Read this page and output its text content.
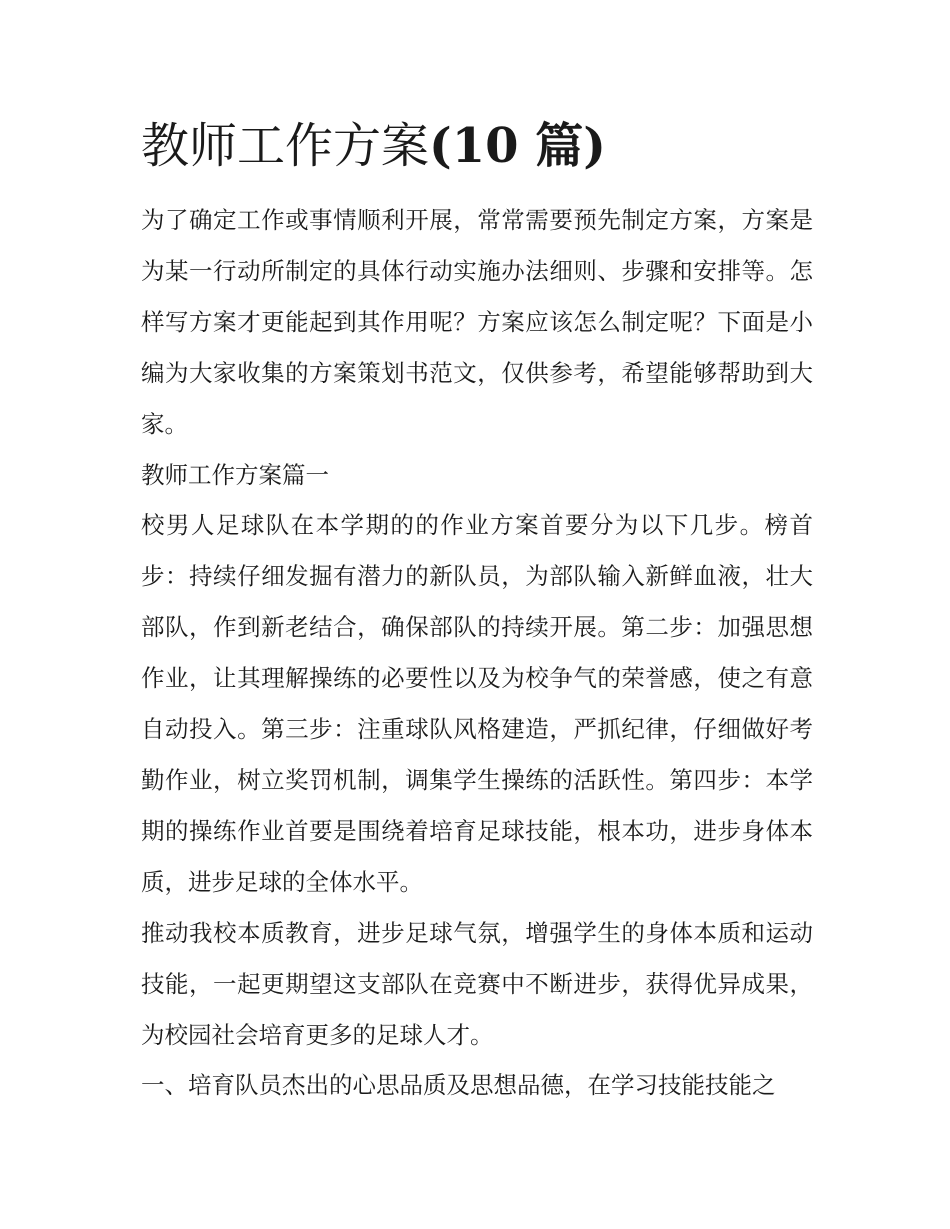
教师工作方案(10 篇)

为了确定工作或事情顺利开展，常常需要预先制定方案，方案是为某一行动所制定的具体行动实施办法细则、步骤和安排等。怎样写方案才更能起到其作用呢？方案应该怎么制定呢？下面是小编为大家收集的方案策划书范文，仅供参考，希望能够帮助到大家。

教师工作方案篇一

校男人足球队在本学期的的作业方案首要分为以下几步。榜首步：持续仔细发掘有潜力的新队员，为部队输入新鲜血液，壮大部队，作到新老结合，确保部队的持续开展。第二步：加强思想作业，让其理解操练的必要性以及为校争气的荣誉感，使之有意自动投入。第三步：注重球队风格建造，严抓纪律，仔细做好考勤作业，树立奖罚机制，调集学生操练的活跃性。第四步：本学期的操练作业首要是围绕着培育足球技能，根本功，进步身体本质，进步足球的全体水平。

推动我校本质教育，进步足球气氛，增强学生的身体本质和运动技能，一起更期望这支部队在竞赛中不断进步，获得优异成果，为校园社会培育更多的足球人才。

一、培育队员杰出的心思品质及思想品德，在学习技能技能之
